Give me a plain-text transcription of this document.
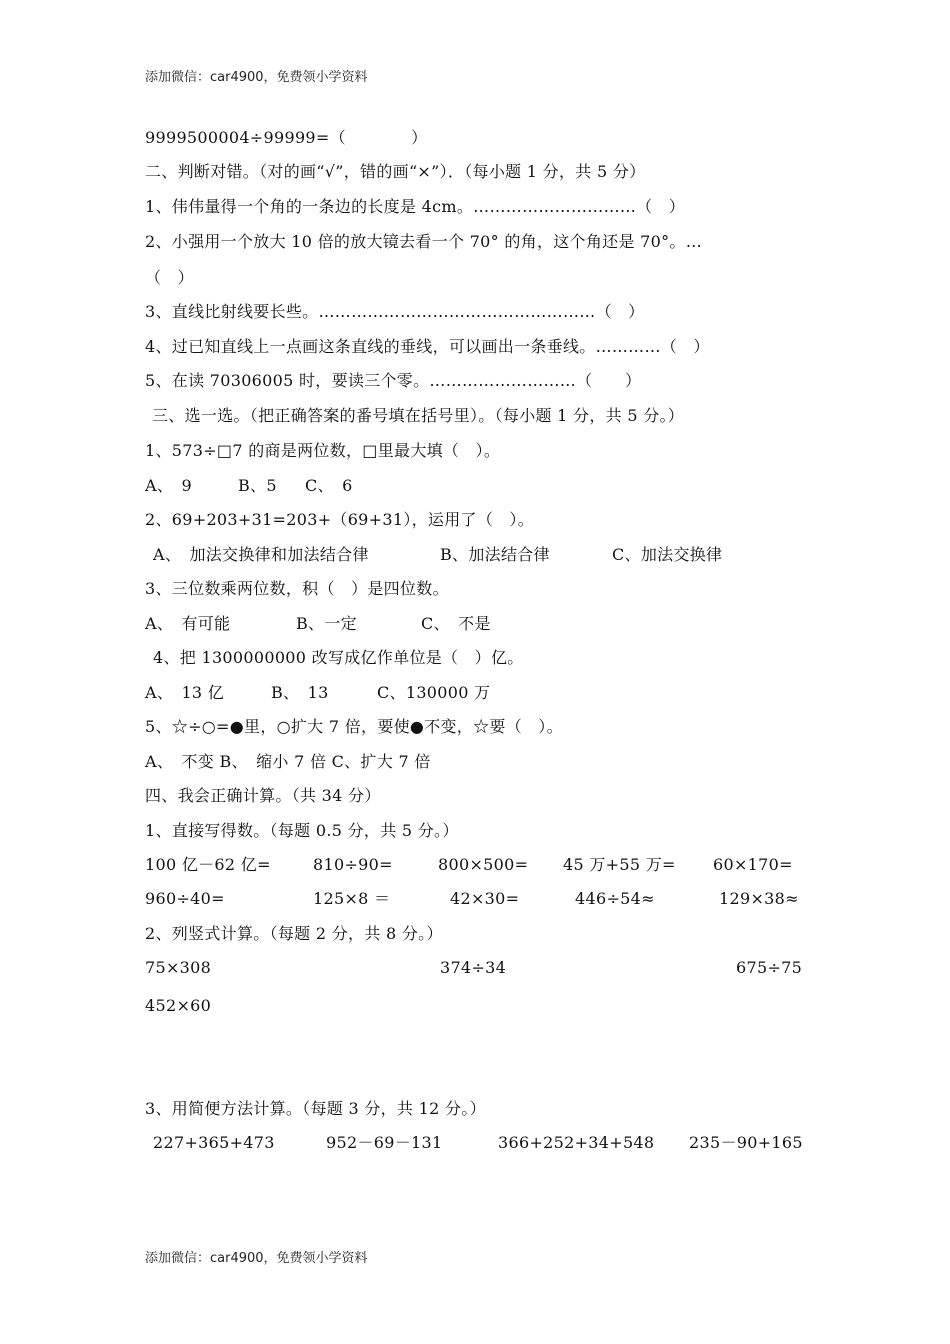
添加微信：car4900，免费领小学资料
9999500004÷99999=（　　　　）
二、判断对错。（对的画“√”，错的画“×”）．（每小题 1 分，共 5 分）
1、伟伟量得一个角的一条边的长度是 4cm。…………………………（　）
2、小强用一个放大 10 倍的放大镜去看一个 70° 的角，这个角还是 70°。…
（　）
3、直线比射线要长些。……………………………………………（　）
4、过已知直线上一点画这条直线的垂线，可以画出一条垂线。…………（　）
5、在读 70306005 时，要读三个零。………………………（　　）
三、选一选。（把正确答案的番号填在括号里）。（每小题 1 分，共 5 分。）
1、573÷□7 的商是两位数，□里最大填（　）。
A、　9	B、5 C、　6
2、69+203+31=203+（69+31），运用了（　）。
A、　加法交换律和加法结合律	B、加法结合律	C、加法交换律
3、三位数乘两位数，积（　）是四位数。
A、　有可能	B、一定	C、　不是
4、把 1300000000 改写成亿作单位是（　）亿。
A、　13 亿	B、　13	C、130000 万
5、☆÷○=●里，○扩大 7 倍，要使●不变，☆要（　）。
A、　不变 B、　缩小 7 倍 C、扩大 7 倍
四、我会正确计算。（共 34 分）
1、直接写得数。（每题 0.5 分，共 5 分。）
100 亿－62 亿=	810÷90=	800×500= 45 万+55 万= 60×170=
960÷40=	125×8 ＝	42×30=	446÷54≈	129×38≈
2、列竖式计算。（每题 2 分，共 8 分。）
75×308	374÷34	675÷75
452×60
3、用简便方法计算。（每题 3 分，共 12 分。）
227+365+473	952－69－131	366+252+34+548 235－90+165
添加微信：car4900，免费领小学资料
